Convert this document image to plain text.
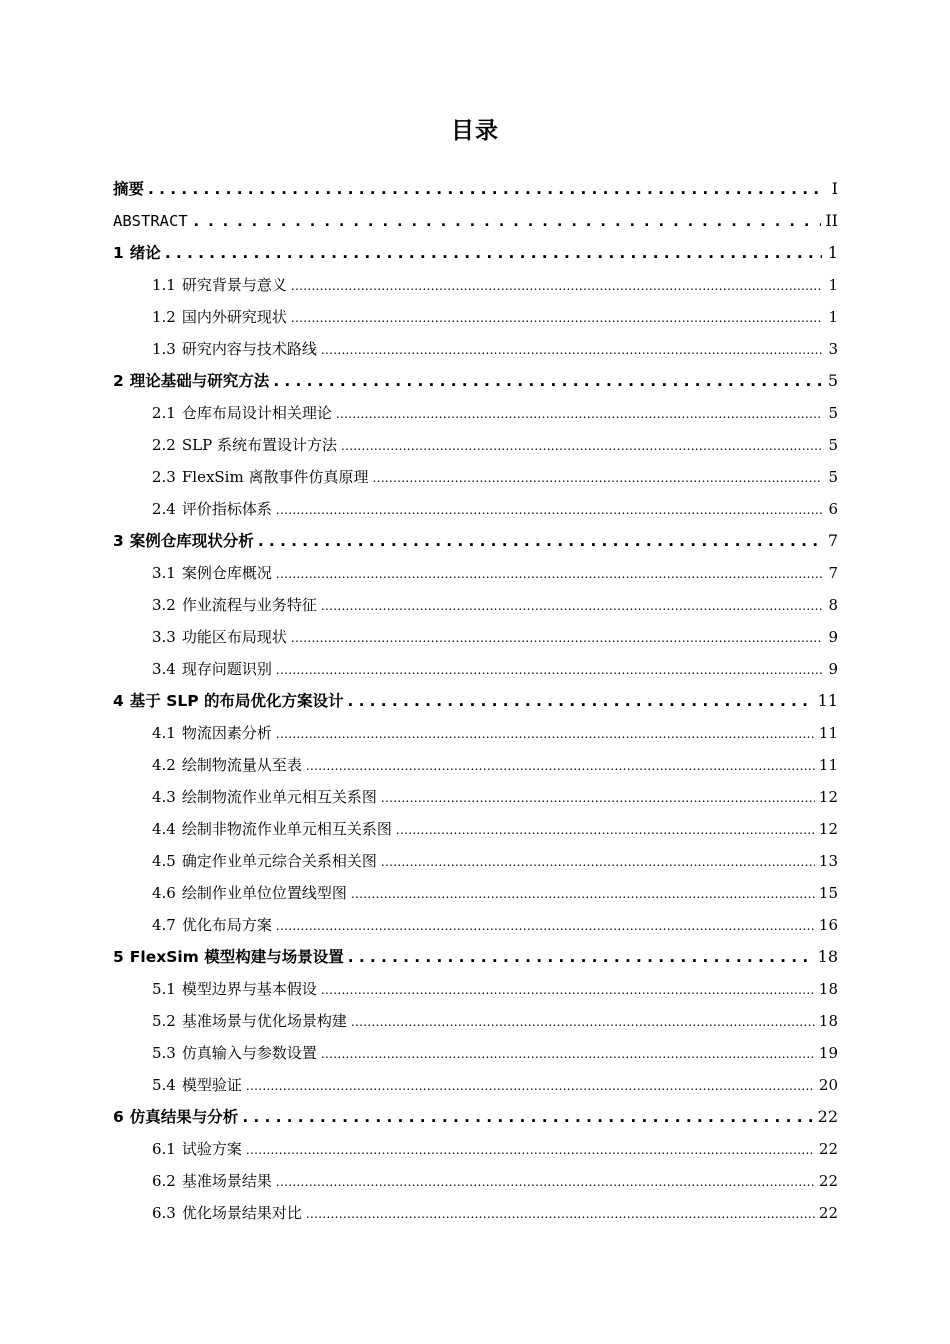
目录
摘要 .....	I
ABSTRACT .....	II
1 绪论 .....	1
1.1 研究背景与意义 .....	1
1.2 国内外研究现状 .....	1
1.3 研究内容与技术路线 .....	3
2 理论基础与研究方法 .....	5
2.1 仓库布局设计相关理论 .....	5
2.2 SLP 系统布置设计方法 .....	5
2.3 FlexSim 离散事件仿真原理 .....	5
2.4 评价指标体系 .....	6
3 案例仓库现状分析 .....	7
3.1 案例仓库概况 .....	7
3.2 作业流程与业务特征 .....	8
3.3 功能区布局现状 .....	9
3.4 现存问题识别 .....	9
4 基于 SLP 的布局优化方案设计 .....	11
4.1 物流因素分析 .....	11
4.2 绘制物流量从至表 .....	11
4.3 绘制物流作业单元相互关系图 .....	12
4.4 绘制非物流作业单元相互关系图 .....	12
4.5 确定作业单元综合关系相关图 .....	13
4.6 绘制作业单位位置线型图 .....	15
4.7 优化布局方案 .....	16
5 FlexSim 模型构建与场景设置 .....	18
5.1 模型边界与基本假设 .....	18
5.2 基准场景与优化场景构建 .....	18
5.3 仿真输入与参数设置 .....	19
5.4 模型验证 .....	20
6 仿真结果与分析 .....	22
6.1 试验方案 .....	22
6.2 基准场景结果 .....	22
6.3 优化场景结果对比 .....	22
